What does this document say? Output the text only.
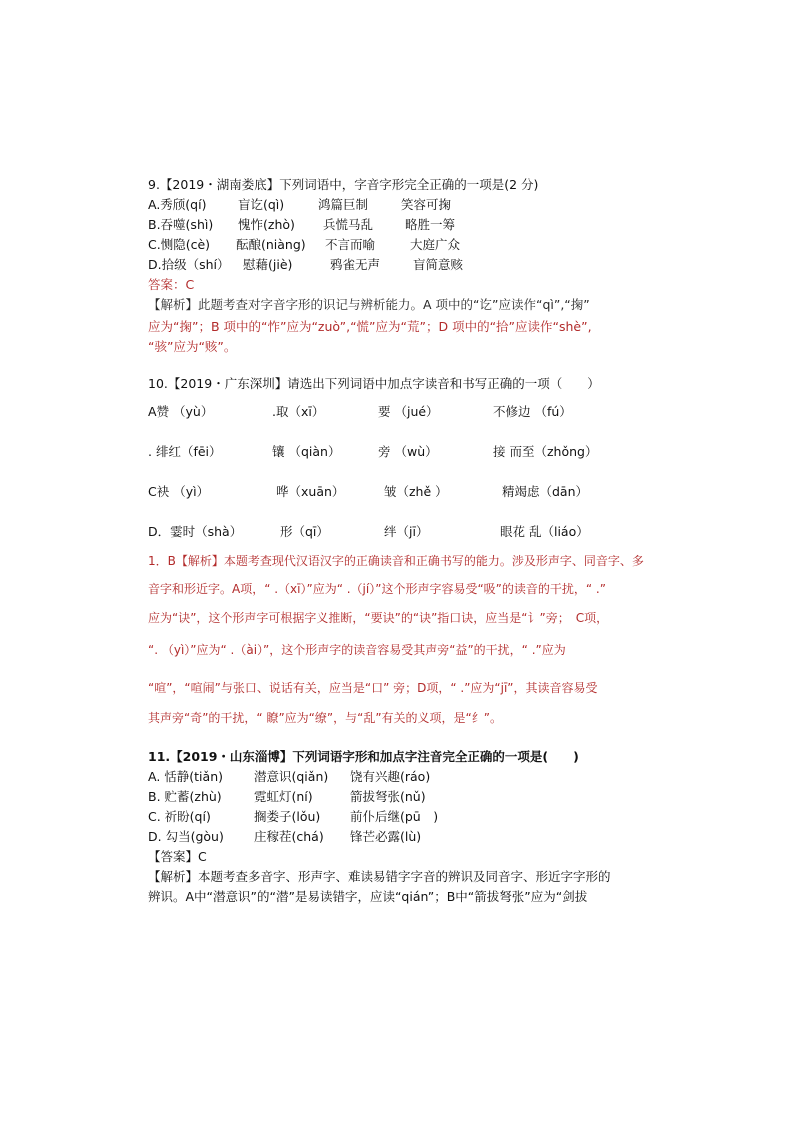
9.【2019・湖南娄底】下列词语中，字音字形完全正确的一项是(2 分)
A.秀颀(qí)	盲讫(qì)	鸿篇巨制	笑容可掬
B.吞噬(shì) 愧怍(zhò) 兵慌马乱	略胜一筹
C.恻隐(cè) 酝酿(niàng) 不言而喻	大庭广众
D.拾级（shí） 慰藉(jiè)	鸦雀无声	盲简意赅
答案：C
【解析】此题考查对字音字形的识记与辨析能力。A 项中的“讫”应读作“qì”,“掬”
应为“掬”；B 项中的“怍”应为“zuò”,“慌”应为“荒”；D 项中的“拾”应读作“shè”,
“骇”应为“赅”。
10.【2019・广东深圳】请选出下列词语中加点字读音和书写正确的一项（　　）
A赞 （yù）	.取（xī）	要 （jué）	不修边 （fú）
. 绯红（fēi）	镶 （qiàn）	旁 （wù）	接 而至（zhǒng）
C袂 （yì）	哗（xuān）	皱（zhě ）	精竭虑（dān）
D．霎时（shà）	形（qī）	绊（jī）	眼花 乱（liáo）
1．B【解析】本题考查现代汉语汉字的正确读音和正确书写的能力。涉及形声字、同音字、多
音字和形近字。A项，“ .（xī）”应为“ .（jí）”这个形声字容易受“吸”的读音的干扰，“ .”
应为“诀”，这个形声字可根据字义推断，“要诀”的“诀”指口诀，应当是“讠”旁；　C项，
“. （yì）”应为“ .（ài）”，这个形声字的读音容易受其声旁“益”的干扰，“ .”应为
“喧”，“喧闹”与张口、说话有关，应当是“口” 旁；D项，“ .”应为“jī”，其读音容易受
其声旁“奇”的干扰，“ 瞭”应为“缭”，与“乱”有关的义项，是“纟”。
11.【2019・山东淄博】下列词语字形和加点字注音完全正确的一项是(　　)
A. 恬静(tiǎn) 潜意识(qiǎn) 饶有兴趣(ráo)
B. 贮蓄(zhù)	霓虹灯(ní)	箭拔弩张(nǔ)
C. 祈盼(qí)	搁娄子(lǒu) 前仆后继(pū　)
D. 勾当(gòu) 庄稼茬(chá) 锋芒必露(lù)
【答案】C
【解析】本题考查多音字、形声字、难读易错字字音的辨识及同音字、形近字字形的
辨识。A中“潜意识”的“潜”是易读错字，应读“qián”；B中“箭拔弩张”应为“剑拔
